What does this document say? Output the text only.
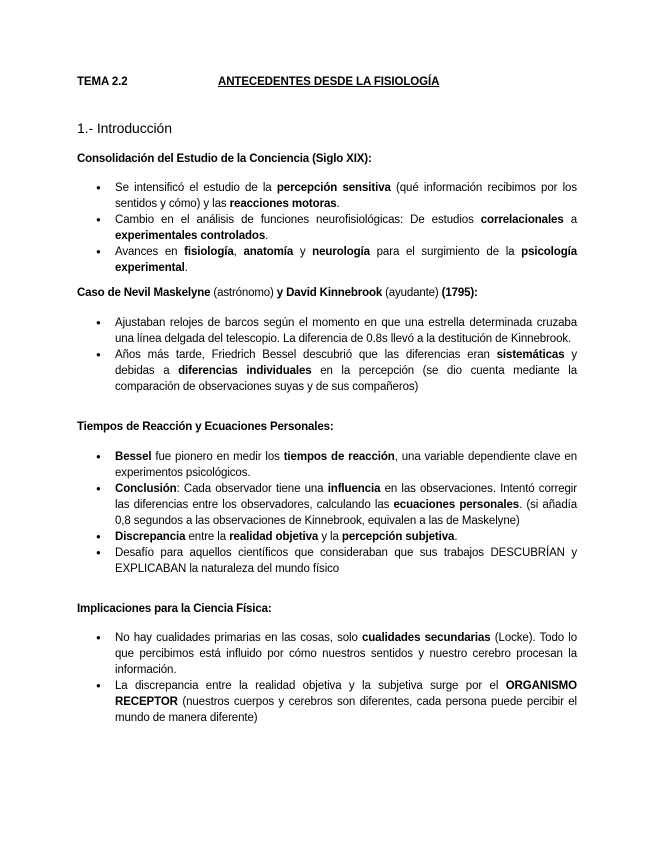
TEMA 2.2	ANTECEDENTES DESDE LA FISIOLOGÍA
1.- Introducción
Consolidación del Estudio de la Conciencia (Siglo XIX):
● Se intensificó el estudio de la percepción sensitiva (qué información recibimos por los sentidos y cómo) y las reacciones motoras.
● Cambio en el análisis de funciones neurofisiológicas: De estudios correlacionales a experimentales controlados.
● Avances en fisiología, anatomía y neurología para el surgimiento de la psicología experimental.
Caso de Nevil Maskelyne (astrónomo) y David Kinnebrook (ayudante) (1795):
● Ajustaban relojes de barcos según el momento en que una estrella determinada cruzaba una línea delgada del telescopio. La diferencia de 0.8s llevó a la destitución de Kinnebrook.
● Años más tarde, Friedrich Bessel descubrió que las diferencias eran sistemáticas y debidas a diferencias individuales en la percepción (se dio cuenta mediante la comparación de observaciones suyas y de sus compañeros)
Tiempos de Reacción y Ecuaciones Personales:
● Bessel fue pionero en medir los tiempos de reacción, una variable dependiente clave en experimentos psicológicos.
● Conclusión: Cada observador tiene una influencia en las observaciones. Intentó corregir las diferencias entre los observadores, calculando las ecuaciones personales. (si añadía 0,8 segundos a las observaciones de Kinnebrook, equivalen a las de Maskelyne)
● Discrepancia entre la realidad objetiva y la percepción subjetiva.
● Desafío para aquellos científicos que consideraban que sus trabajos DESCUBRÍAN y EXPLICABAN la naturaleza del mundo físico
Implicaciones para la Ciencia Física:
● No hay cualidades primarias en las cosas, solo cualidades secundarias (Locke). Todo lo que percibimos está influido por cómo nuestros sentidos y nuestro cerebro procesan la información.
● La discrepancia entre la realidad objetiva y la subjetiva surge por el ORGANISMO RECEPTOR (nuestros cuerpos y cerebros son diferentes, cada persona puede percibir el mundo de manera diferente)
